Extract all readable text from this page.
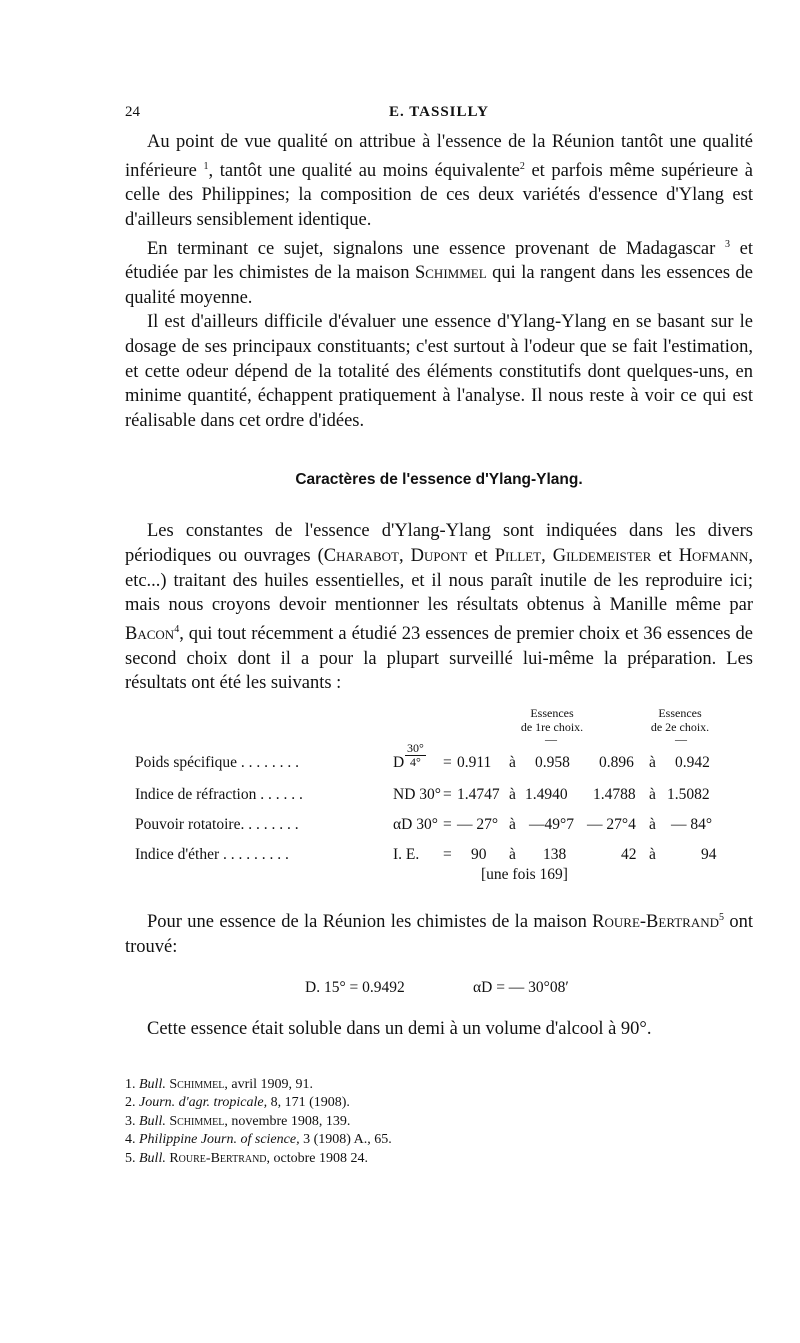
24	E. TASSILLY

Au point de vue qualité on attribue à l'essence de la Réunion tantôt une qualité inférieure $^1$, tantôt une qualité au moins équivalente$^2$ et parfois même supérieure à celle des Philippines; la composition de ces deux variétés d'essence d'Ylang est d'ailleurs sensiblement identique.

En terminant ce sujet, signalons une essence provenant de Madagascar $^3$ et étudiée par les chimistes de la maison Schimmel qui la rangent dans les essences de qualité moyenne.

Il est d'ailleurs difficile d'évaluer une essence d'Ylang-Ylang en se basant sur le dosage de ses principaux constituants; c'est surtout à l'odeur que se fait l'estimation, et cette odeur dépend de la totalité des éléments constitutifs dont quelques-uns, en minime quantité, échappent pratiquement à l'analyse. Il nous reste à voir ce qui est réalisable dans cet ordre d'idées.

Caractères de l'essence d'Ylang-Ylang.

Les constantes de l'essence d'Ylang-Ylang sont indiquées dans les divers périodiques ou ouvrages (Charabot, Dupont et Pillet, Gildemeister et Hofmann, etc...) traitant des huiles essentielles, et il nous paraît inutile de les reproduire ici; mais nous croyons devoir mentionner les résultats obtenus à Manille même par Bacon$^4$, qui tout récemment a étudié 23 essences de premier choix et 36 essences de second choix dont il a pour la plupart surveillé lui-même la préparation. Les résultats ont été les suivants :

Essences
de 1re choix.
Essences
de 2e choix.
—	—
Poids spécifique . . . . . . . .	D $\frac{30^\circ}{4^\circ} = 0.911$ à 0.958 0.896 à 0.942
Indice de réfraction . . . . . .	ND 30° = 1.4747 à 1.4940 1.4788 à 1.5082
Pouvoir rotatoire. . . . . . . .	αD 30° = — 27° à —49°7 — 27°4 à — 84°
Indice d'éther . . . . . . . . .	I. E. = 90 à 138	42 à	94
[une fois 169]

Pour une essence de la Réunion les chimistes de la maison Roure-Bertrand$^5$ ont trouvé:

D. 15° = 0.9492	αD = — 30°08′

Cette essence était soluble dans un demi à un volume d'alcool à 90°.

1. Bull. Schimmel, avril 1909, 91.

2. Journ. d'agr. tropicale, 8, 171 (1908).

3. Bull. Schimmel, novembre 1908, 139.

4. Philippine Journ. of science, 3 (1908) A., 65.

5. Bull. Roure-Bertrand, octobre 1908 24.
